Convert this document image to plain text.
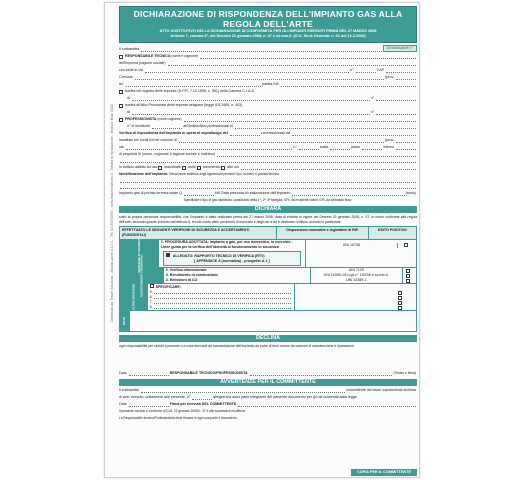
Distribuito da Teaser Solutions - Attività Lavori A.C.I.s. - Tel. 02 XXXXXXX - www.teasersolutions.it - Vietata la riproduzione - Modulo: Mod. 0410
DICHIARAZIONE DI RISPONDENZA DELL'IMPIANTO GAS ALLA REGOLA DELL'ARTE
ATTO SOSTITUTIVO DELLA DICHIARAZIONE DI CONFORMITÀ PER GLI IMPIANTI ESEGUITI PRIMA DEL 27 MARZO 2008
Articolo 7, comma 6°, del Decreto 22 gennaio 2008, n. 37 e ss.mm.ii. (G.U. Serie Generale n. 61 del 12.3.2008)
Il sottoscritto	Dichiarazione n°
RESPONSABILE TECNICO (nome e cognome)
dell'impresa (ragione sociale)
con sede in via	n°	CAP
Comune	(prov.
tel.	partita IVA
iscritta nel registro delle imprese (D.P.R. 7.12.1995, n. 581) della Camera C.I.A.A.
di	n°
iscritta all'albo Provinciale delle imprese artigiane (legge 8.8.1985, n. 443)
di	n°
PROFESSIONISTA (nome cognome)
n° di iscrizione	all'Ordine/Albo professionale di
Verifica di rispondenza dell'impianto in opera al sopralluogo del	commissionato da
installato nei locali siti nel comune di	(prov.
via	n°	scala	piano	interno
di proprietà di (nome, cognome o ragione sociale e indirizzo)
in edificio adibito ad uso industriale civile commercio altri usi
Identificazione dell'impianto: Descrizione sintetica degli apparecchi presenti: tipo, numero e portata termica
Impianto gas di portata termica totale Q	kW Data presunta di realizzazione dell'impianto	(anno)
Specificare il tipo di gas distribuito: canalizzato della 1ª, 2ª, 3ª famiglia; GPL da recipienti mobili; GPL da serbatoio fisso
DICHIARA
sotto la propria personale responsabilità, che l'impianto è stato realizzato prima del 27 marzo 2008, data di entrata in vigore del Decreto 22 gennaio 2008, n. 37, in modo conforme alla regola dell'arte, secondo quanto previsto dall'articolo 6, tenuto conto delle condizioni di esercizio e degli usi a cui è destinato l'edificio, avendo in particolare
EFFETTUATO LE SEGUENTI VERIFICHE DI SICUREZZA E ACCERTAMENTI (FUNZIONALI)
Disposizioni normative e legislative di RIF.	ESITO POSITIVO
VERIFICHE DI SICUREZZA	1. PROCEDURA ADOTTATA: impianto a gas, per uso domestico, in esercizio - Linee guida per la verifica dell'idoneità al funzionamento in sicurezza
UNI 10738
ALLEGATO: RAPPORTO TECNICO DI VERIFICA (RTV)
[ APPENDICE A (normativa) - prospetto A.1 ]
ACCERTAMENTI FUNZIONALI	2. Verifica dimensionale	UNI 7129
3. Rendimento di combustione	UNI 10389-1/D.Lgs n° 192/05 e ss.mm.ii.
4. Emissioni di CO	UNI 10389-1
ALTRE VERIFICHE	SPECIFICARE:
5.
6.
7.
8.
NOTE
DECLINA
ogni responsabilità per sinistri a persone o a cose derivanti da manomissione dell'impianto da parte di terzi ovvero da carenze di manutenzione e riparazione.
Data	RESPONSABILE TECNICO/PROFESSIONISTA	(Timbro e firma)
AVVERTENZE PER IL COMMITTENTE
Il sottoscritto	committente dei lavori sopraindicati dichiara
di aver ricevuto, unitamente alla presente, n°	allegati che sono parte integrante del presente documento per gli usi consentiti dalla legge.
Data	Firma per ricevuta DEL COMMITTENTE
Il presente modulo è conforme al D.M. 22 gennaio 2008 n. 37 e alle successive modifiche.
La Responsabile tecnico/Professionista deve firmare in ogni sua parte il documento.
COPIA PER IL COMMITTENTE
